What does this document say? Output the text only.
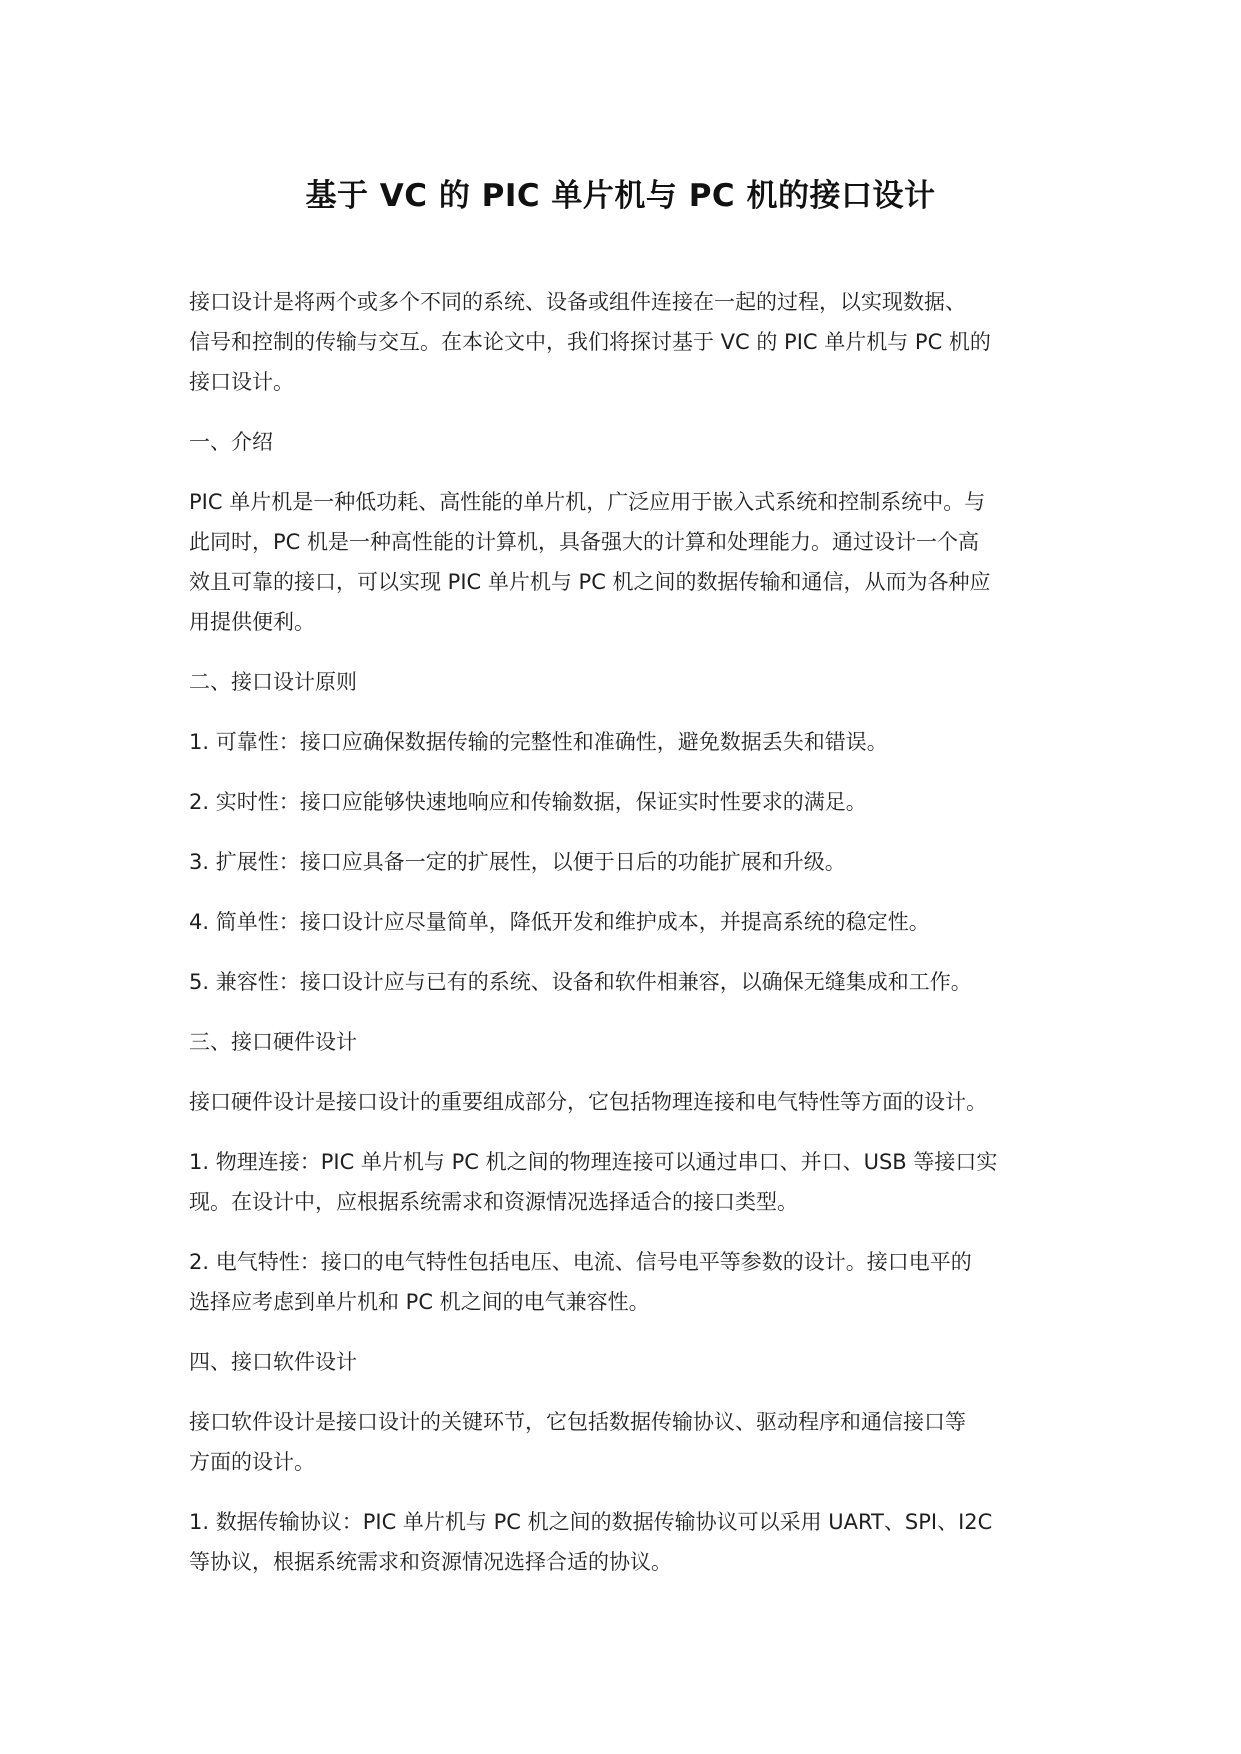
基于 VC 的 PIC 单片机与 PC 机的接口设计
接口设计是将两个或多个不同的系统、设备或组件连接在一起的过程，以实现数据、
信号和控制的传输与交互。在本论文中，我们将探讨基于 VC 的 PIC 单片机与 PC 机的
接口设计。
一、介绍
PIC 单片机是一种低功耗、高性能的单片机，广泛应用于嵌入式系统和控制系统中。与
此同时，PC 机是一种高性能的计算机，具备强大的计算和处理能力。通过设计一个高
效且可靠的接口，可以实现 PIC 单片机与 PC 机之间的数据传输和通信，从而为各种应
用提供便利。
二、接口设计原则
1. 可靠性：接口应确保数据传输的完整性和准确性，避免数据丢失和错误。
2. 实时性：接口应能够快速地响应和传输数据，保证实时性要求的满足。
3. 扩展性：接口应具备一定的扩展性，以便于日后的功能扩展和升级。
4. 简单性：接口设计应尽量简单，降低开发和维护成本，并提高系统的稳定性。
5. 兼容性：接口设计应与已有的系统、设备和软件相兼容，以确保无缝集成和工作。
三、接口硬件设计
接口硬件设计是接口设计的重要组成部分，它包括物理连接和电气特性等方面的设计。
1. 物理连接：PIC 单片机与 PC 机之间的物理连接可以通过串口、并口、USB 等接口实
现。在设计中，应根据系统需求和资源情况选择适合的接口类型。
2. 电气特性：接口的电气特性包括电压、电流、信号电平等参数的设计。接口电平的
选择应考虑到单片机和 PC 机之间的电气兼容性。
四、接口软件设计
接口软件设计是接口设计的关键环节，它包括数据传输协议、驱动程序和通信接口等
方面的设计。
1. 数据传输协议：PIC 单片机与 PC 机之间的数据传输协议可以采用 UART、SPI、I2C
等协议，根据系统需求和资源情况选择合适的协议。
